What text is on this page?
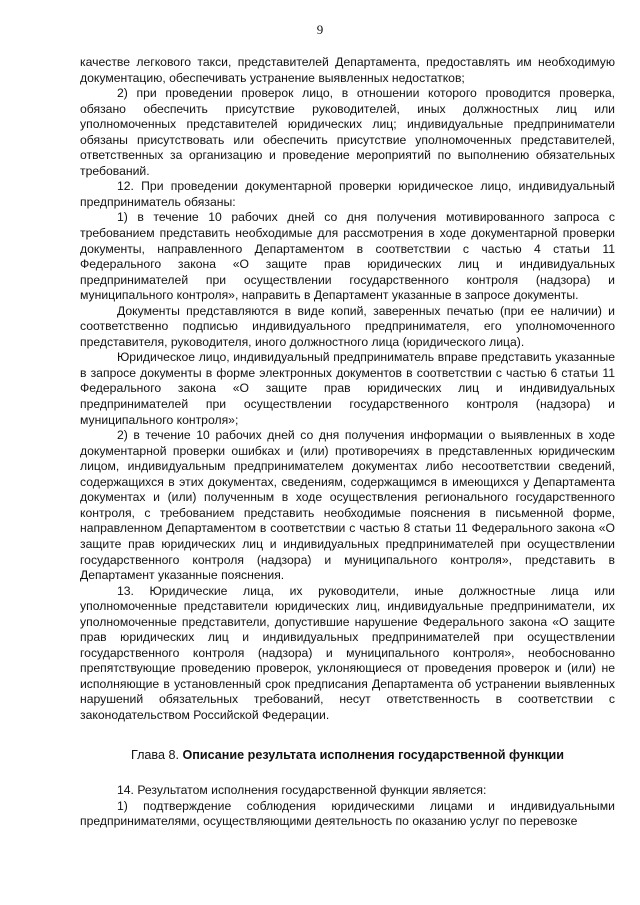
9

качестве легкового такси, представителей Департамента, предоставлять им необходимую документацию, обеспечивать устранение выявленных недостатков;

2) при проведении проверок лицо, в отношении которого проводится проверка, обязано обеспечить присутствие руководителей, иных должностных лиц или уполномоченных представителей юридических лиц; индивидуальные предприниматели обязаны присутствовать или обеспечить присутствие уполномоченных представителей, ответственных за организацию и проведение мероприятий по выполнению обязательных требований.

12. При проведении документарной проверки юридическое лицо, индивидуальный предприниматель обязаны:

1) в течение 10 рабочих дней со дня получения мотивированного запроса с требованием представить необходимые для рассмотрения в ходе документарной проверки документы, направленного Департаментом в соответствии с частью 4 статьи 11 Федерального закона «О защите прав юридических лиц и индивидуальных предпринимателей при осуществлении государственного контроля (надзора) и муниципального контроля», направить в Департамент указанные в запросе документы.

Документы представляются в виде копий, заверенных печатью (при ее наличии) и соответственно подписью индивидуального предпринимателя, его уполномоченного представителя, руководителя, иного должностного лица (юридического лица).

Юридическое лицо, индивидуальный предприниматель вправе представить указанные в запросе документы в форме электронных документов в соответствии с частью 6 статьи 11 Федерального закона «О защите прав юридических лиц и индивидуальных предпринимателей при осуществлении государственного контроля (надзора) и муниципального контроля»;

2) в течение 10 рабочих дней со дня получения информации о выявленных в ходе документарной проверки ошибках и (или) противоречиях в представленных юридическим лицом, индивидуальным предпринимателем документах либо несоответствии сведений, содержащихся в этих документах, сведениям, содержащимся в имеющихся у Департамента документах и (или) полученным в ходе осуществления регионального государственного контроля, с требованием представить необходимые пояснения в письменной форме, направленном Департаментом в соответствии с частью 8 статьи 11 Федерального закона «О защите прав юридических лиц и индивидуальных предпринимателей при осуществлении государственного контроля (надзора) и муниципального контроля», представить в Департамент указанные пояснения.

13. Юридические лица, их руководители, иные должностные лица или уполномоченные представители юридических лиц, индивидуальные предприниматели, их уполномоченные представители, допустившие нарушение Федерального закона «О защите прав юридических лиц и индивидуальных предпринимателей при осуществлении государственного контроля (надзора) и муниципального контроля», необоснованно препятствующие проведению проверок, уклоняющиеся от проведения проверок и (или) не исполняющие в установленный срок предписания Департамента об устранении выявленных нарушений обязательных требований, несут ответственность в соответствии с законодательством Российской Федерации.

Глава 8. Описание результата исполнения государственной функции

14. Результатом исполнения государственной функции является:

1) подтверждение соблюдения юридическими лицами и индивидуальными предпринимателями, осуществляющими деятельность по оказанию услуг по перевозке
